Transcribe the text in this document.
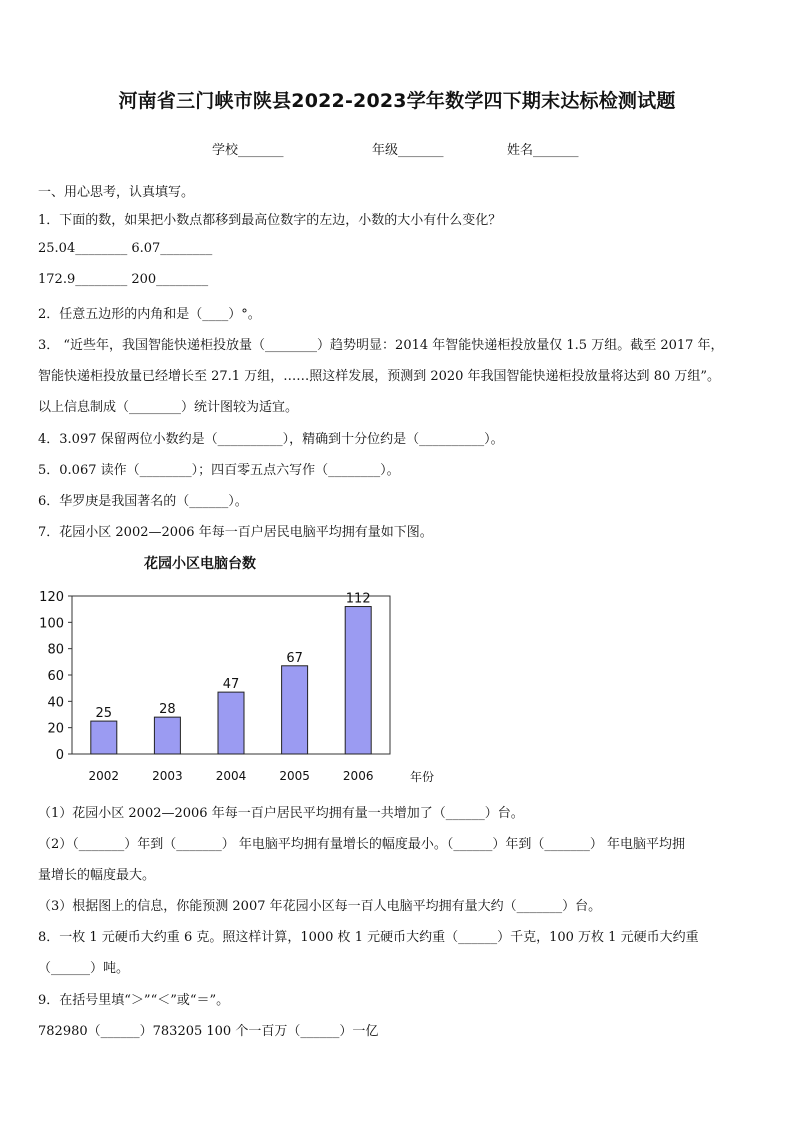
河南省三门峡市陕县2022-2023学年数学四下期末达标检测试题
学校_______	年级_______	姓名_______
一、用心思考，认真填写。
1．下面的数，如果把小数点都移到最高位数字的左边，小数的大小有什么变化？
25.04________ 6.07________
172.9________ 200________
2．任意五边形的内角和是（____）°。
3． “近些年，我国智能快递柜投放量（________）趋势明显：2014 年智能快递柜投放量仅 1.5 万组。截至 2017 年，
智能快递柜投放量已经增长至 27.1 万组，……照这样发展，预测到 2020 年我国智能快递柜投放量将达到 80 万组”。
以上信息制成（________）统计图较为适宜。
4．3.097 保留两位小数约是（__________），精确到十分位约是（__________）。
5．0.067 读作（________）；四百零五点六写作（________）。
6．华罗庚是我国著名的（______）。
7．花园小区 2002—2006 年每一百户居民电脑平均拥有量如下图。
花园小区电脑台数
0
20
40
60
80
100
120
25
2002
28
2003
47
2004
67
2005
112
2006	年份
（1）花园小区 2002—2006 年每一百户居民平均拥有量一共增加了（______）台。
（2）（_______）年到（_______） 年电脑平均拥有量增长的幅度最小。（______）年到（_______） 年电脑平均拥
量增长的幅度最大。
（3）根据图上的信息，你能预测 2007 年花园小区每一百人电脑平均拥有量大约（_______）台。
8．一枚 1 元硬币大约重 6 克。照这样计算，1000 枚 1 元硬币大约重（______）千克，100 万枚 1 元硬币大约重
（______）吨。
9．在括号里填“＞”“＜”或“＝”。
782980（______）783205 100 个一百万（______）一亿
